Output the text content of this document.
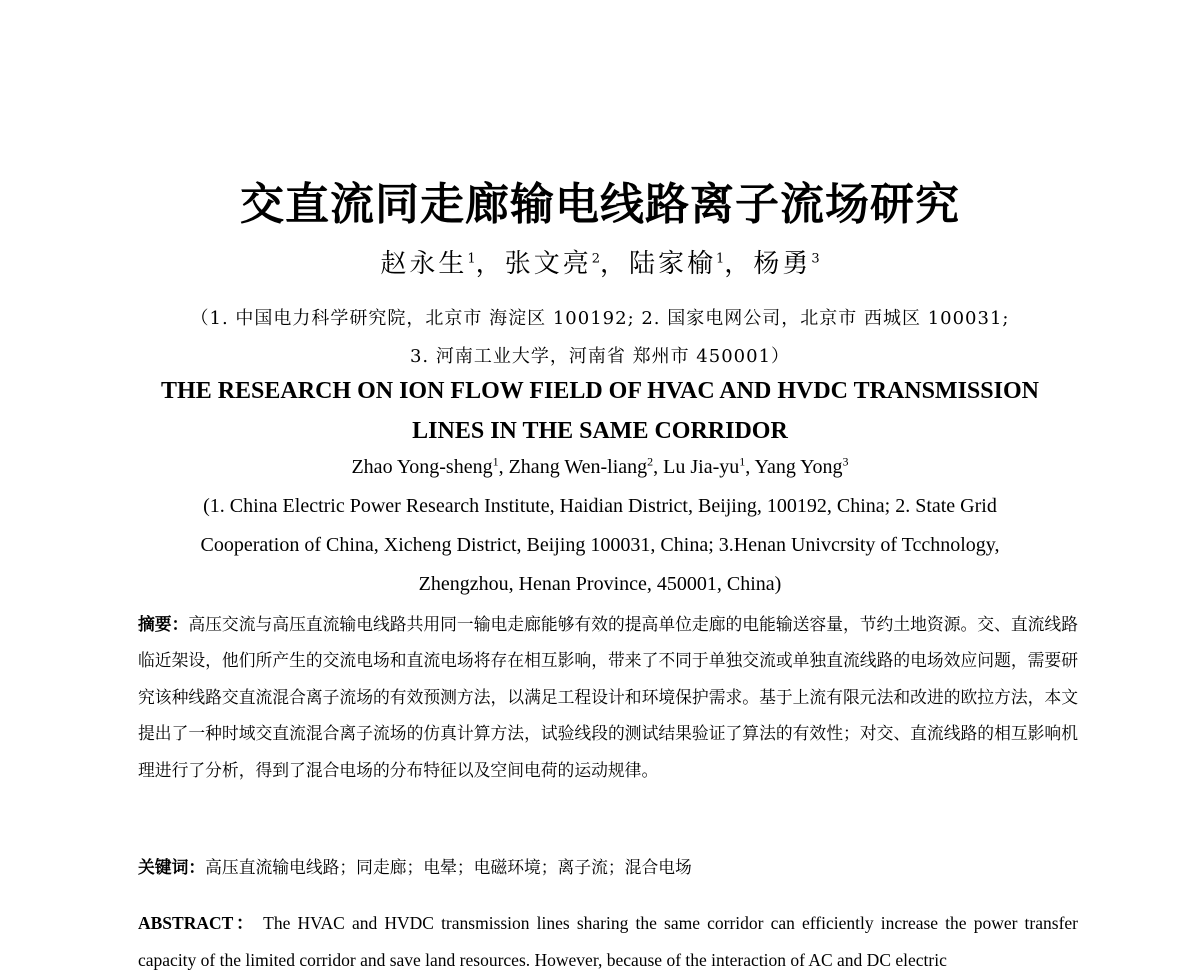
交直流同走廊输电线路离子流场研究
赵永生$^1$，张文亮$^2$，陆家榆$^1$，杨勇$^3$
（1. 中国电力科学研究院，北京市 海淀区 100192; 2. 国家电网公司，北京市 西城区 100031;
3. 河南工业大学，河南省 郑州市 450001）
THE RESEARCH ON ION FLOW FIELD OF HVAC AND HVDC TRANSMISSION
LINES IN THE SAME CORRIDOR
Zhao Yong-sheng$^1$, Zhang Wen-liang$^2$, Lu Jia-$yu^1$, Yang Yong$^3$
(1. China Electric Power Research Institute, Haidian District, Beijing, 100192, China; 2. State Grid
Cooperation of China, Xicheng District, Beijing 100031, China; 3.Henan Univcrsity of Tcchnology,
Zhengzhou, Henan Province, 450001, China)

摘要：高压交流与高压直流输电线路共用同一输电走廊能够有效的提高单位走廊的电能输送容量，节约土地资源。交、直流线路临近架设，他们所产生的交流电场和直流电场将存在相互影响，带来了不同于单独交流或单独直流线路的电场效应问题，需要研究该种线路交直流混合离子流场的有效预测方法，以满足工程设计和环境保护需求。基于上流有限元法和改进的欧拉方法，本文提出了一种时域交直流混合离子流场的仿真计算方法，试验线段的测试结果验证了算法的有效性；对交、直流线路的相互影响机理进行了分析，得到了混合电场的分布特征以及空间电荷的运动规律。

关键词：高压直流输电线路；同走廊；电晕；电磁环境；离子流；混合电场

ABSTRACT： The HVAC and HVDC transmission lines sharing the same corridor can efficiently increase the power transfer capacity of the limited corridor and save land resources. However, because of the interaction of AC and DC electric
